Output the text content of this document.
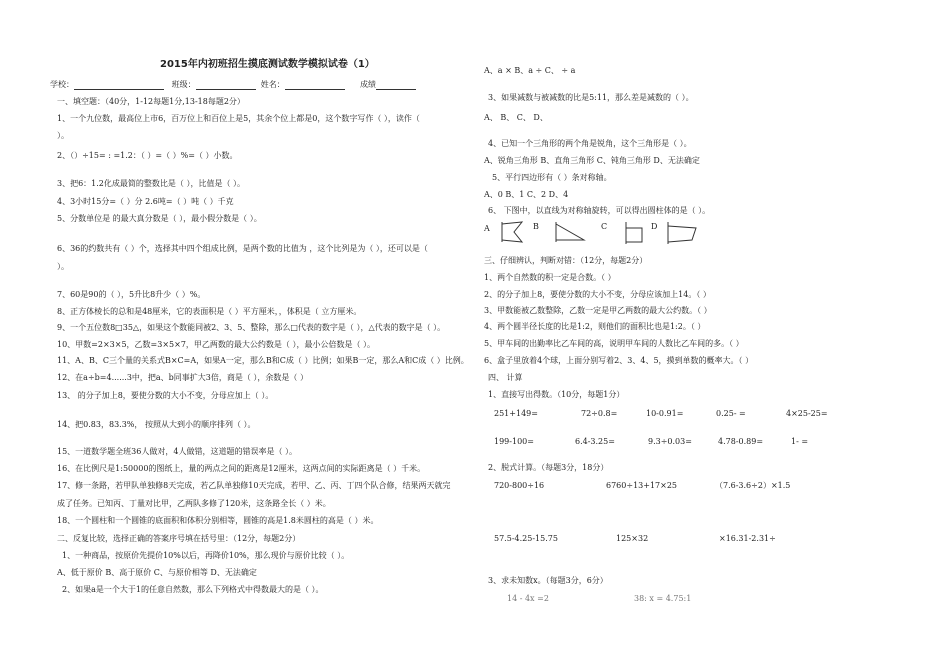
2015年内初班招生摸底测试数学模拟试卷（1）
学校：	班级：	姓名：	成绩
一、填空题：（40分，1-12每题1分,13-18每题2分）
1、一个九位数，最高位上市6，百万位上和百位上是5，其余个位上都是0，这个数字写作（ ），读作（
）。
2、（）÷15= : =1.2：（ ）=（ ）%=（ ）小数。
3、把6：1.2化成最简的整数比是（ ），比值是（ ）。
4、3小时15分=（ ）分 2.6吨=（ ）吨（ ）千克
5、分数单位是 的最大真分数是（ ），最小假分数是（ ）。
6、36的约数共有（ ）个，选择其中四个组成比例，是两个数的比值为 ，这个比列是为（ ），还可以是（
）。
7、60是90的（ ），5升比8升少（ ）%。
8、正方体棱长的总和是48厘米，它的表面积是（ ）平方厘米，，体积是（ 立方厘米。
9、一个五位数8□35△，如果这个数能同被2、3、5、整除，那么□代表的数字是（ ），△代表的数字是（ ）。
10、甲数=2×3×5，乙数=3×5×7，甲乙两数的最大公约数是（ ），最小公倍数是（ ）。
11、A、B、C三个量的关系式B×C=A，如果A一定，那么B和C成（ ）比例；如果B一定，那么A和C成（ ）比例。
12、在a÷b=4......3中，把a、b同事扩大3倍，商是（ ），余数是（ ）
13、 的分子加上8，要使分数的大小不变，分母应加上（ ）。
14、把0.83，83.3%， 按照从大到小的顺序排列（ ）。
15、一道数学题全班36人做对，4人做错，这道题的错误率是（ ）。
16、在比例尺是1:50000的图纸上，量的两点之间的距离是12厘米，这两点间的实际距离是（ ）千米。
17、修一条路，若甲队单独修8天完成，若乙队单独修10天完成，若甲、乙、丙、丁四个队合修，结果两天就完
成了任务。已知丙、丁量对比甲，乙两队多修了120米，这条路全长（ ）米。
18、一个圆柱和一个圆锥的底面积和体积分别相等，圆锥的高是1.8米圆柱的高是（ ）米。
二、反复比较，选择正确的答案序号填在括号里：（12分，每题2分）
1、一种商品，按原价先提价10%以后，再降价10%，那么现价与原价比较（ ）。
A、低于原价 B、高于原价 C、与原价相等 D、无法确定
2、如果a是一个大于1的任意自然数，那么下列格式中得数最大的是（ ）。
A、a × B、a ÷ C、 ÷ a
3、如果减数与被减数的比是5:11，那么差是减数的（ ）。
A、 B、 C、 D、
4、已知一个三角形的两个角是锐角，这个三角形是（ ）。
A、锐角三角形 B、直角三角形 C、钝角三角形 D、无法确定
5、平行四边形有（ ）条对称轴。
A、0 B、1 C、2 D、4
6、 下图中，以直线为对称轴旋转，可以得出圆柱体的是（ ）。
A	B	C	D
三、仔细辨认，判断对错：（12分，每题2分）
1、两个自然数的积一定是合数。（ ）
2、的分子加上8，要使分数的大小不变，分母应该加上14。（ ）
3、甲数能被乙数整除，乙数一定是甲乙两数的最大公约数。（ ）
4、两个圆半径长度的比是1:2，则他们的面积比也是1:2。（ ）
5、甲车间的出勤率比乙车间的高，说明甲车间的人数比乙车间的多。（ ）
6、盒子里放着4个球，上面分别写着2、3、4、5，摸到单数的概率大。（ ）
四、 计算
1、直接写出得数。（10分，每题1分）
251+149=	72÷0.8=	10-0.91=	0.25- =	4×25-25=
199-100=	6.4-3.25=	9.3÷0.03=	4.78-0.89=	1- =
2、脱式计算。（每题3分，18分）
720-800÷16	6760÷13+17×25	（7.6-3.6÷2）×1.5
57.5-4.25-15.75	125×32	×16.31-2.31÷
3、求未知数x。（每题3分，6分）
14 - 4x =2	38: x = 4.75:1
